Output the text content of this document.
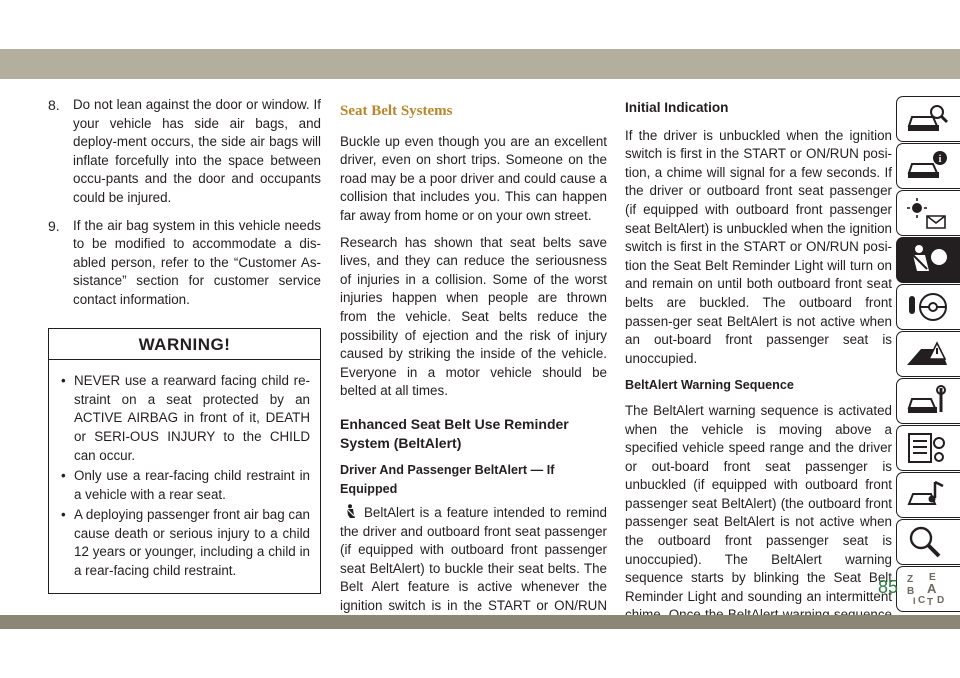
8. Do not lean against the door or window. If your vehicle has side air bags, and deploy-ment occurs, the side air bags will inflate forcefully into the space between occu-pants and the door and occupants could be injured.
9. If the air bag system in this vehicle needs to be modified to accommodate a dis-abled person, refer to the “Customer As-sistance” section for customer service contact information.
WARNING!
• NEVER use a rearward facing child re-straint on a seat protected by an ACTIVE AIRBAG in front of it, DEATH or SERI-OUS INJURY to the CHILD can occur.
• Only use a rear-facing child restraint in a vehicle with a rear seat.
• A deploying passenger front air bag can cause death or serious injury to a child 12 years or younger, including a child in a rear-facing child restraint.
Seat Belt Systems

Buckle up even though you are an excellent driver, even on short trips. Someone on the road may be a poor driver and could cause a collision that includes you. This can happen far away from home or on your own street.

Research has shown that seat belts save lives, and they can reduce the seriousness of injuries in a collision. Some of the worst injuries happen when people are thrown from the vehicle. Seat belts reduce the possibility of ejection and the risk of injury caused by striking the inside of the vehicle. Everyone in a motor vehicle should be belted at all times.

Enhanced Seat Belt Use Reminder System (BeltAlert)
Driver And Passenger BeltAlert — If Equipped

BeltAlert is a feature intended to remind the driver and outboard front seat passenger (if equipped with outboard front passenger seat BeltAlert) to buckle their seat belts. The Belt Alert feature is active whenever the ignition switch is in the START or ON/RUN

Initial Indication

If the driver is unbuckled when the ignition switch is first in the START or ON/RUN posi-tion, a chime will signal for a few seconds. If the driver or outboard front seat passenger (if equipped with outboard front passenger seat BeltAlert) is unbuckled when the ignition switch is first in the START or ON/RUN posi-tion the Seat Belt Reminder Light will turn on and remain on until both outboard front seat belts are buckled. The outboard front passen-ger seat BeltAlert is not active when an out-board front passenger seat is unoccupied.

BeltAlert Warning Sequence

The BeltAlert warning sequence is activated when the vehicle is moving above a specified vehicle speed range and the driver or out-board front seat passenger is unbuckled (if equipped with outboard front passenger seat BeltAlert) (the outboard front passenger seat BeltAlert is not active when the outboard front passenger seat is unoccupied). The BeltAlert warning sequence starts by blinking the Seat Belt Reminder Light and sounding an intermittent

i
Z E
B A
I C T D
85
